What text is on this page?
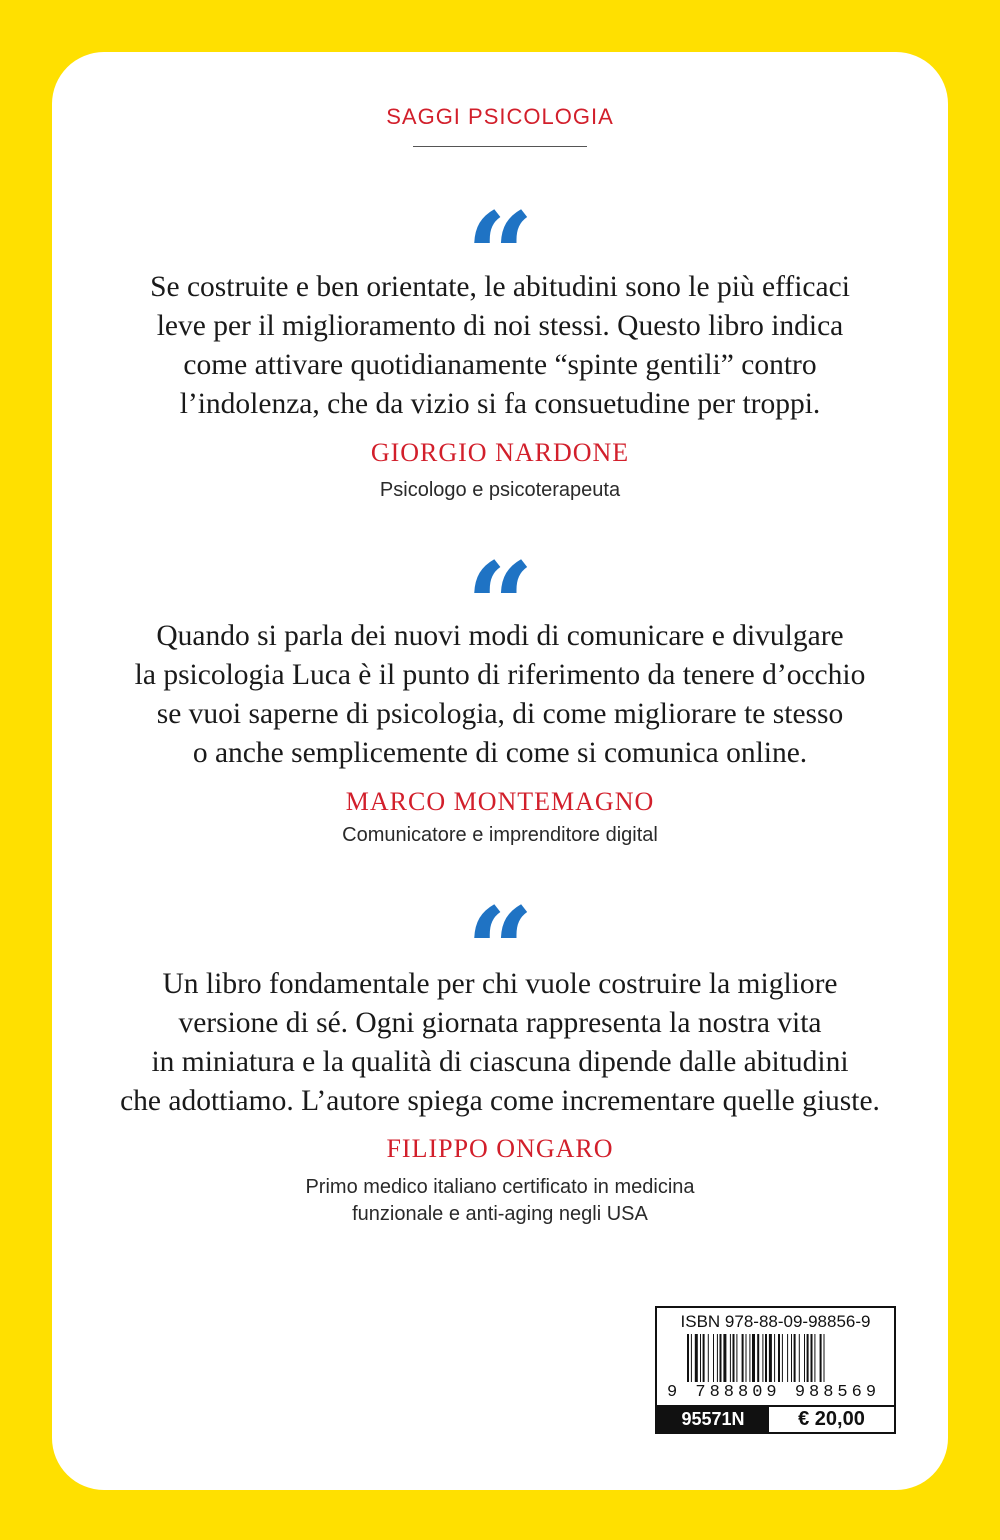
SAGGI PSICOLOGIA
“
Se costruite e ben orientate, le abitudini sono le più efficaci
leve per il miglioramento di noi stessi. Questo libro indica
come attivare quotidianamente “spinte gentili” contro
l’indolenza, che da vizio si fa consuetudine per troppi.
GIORGIO NARDONE
Psicologo e psicoterapeuta
“
Quando si parla dei nuovi modi di comunicare e divulgare
la psicologia Luca è il punto di riferimento da tenere d’occhio
se vuoi saperne di psicologia, di come migliorare te stesso
o anche semplicemente di come si comunica online.
MARCO MONTEMAGNO
Comunicatore e imprenditore digital
“
Un libro fondamentale per chi vuole costruire la migliore
versione di sé. Ogni giornata rappresenta la nostra vita
in miniatura e la qualità di ciascuna dipende dalle abitudini
che adottiamo. L’autore spiega come incrementare quelle giuste.
FILIPPO ONGARO
Primo medico italiano certificato in medicina
funzionale e anti-aging negli USA
ISBN 978-88-09-98856-9
9 788809 988569
95571N	€ 20,00
